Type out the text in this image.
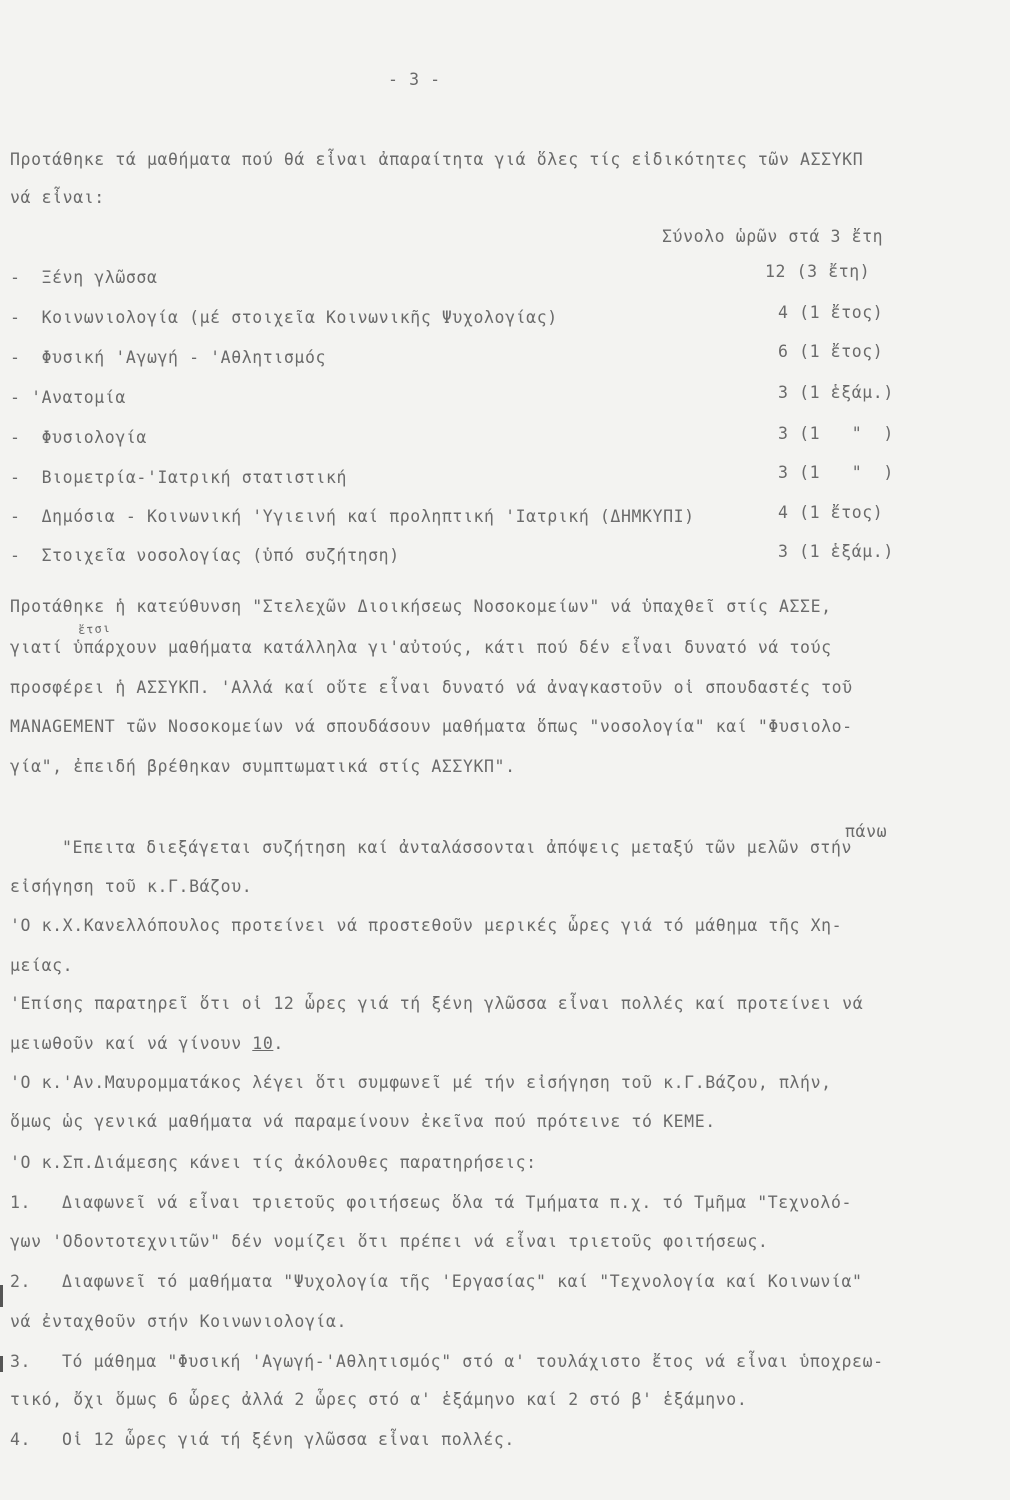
- 3 -
Προτάθηκε τά μαθήματα πού θά εἶναι ἀπαραίτητα γιά ὅλες τίς εἰδικότητες τῶν ΑΣΣΥΚΠ
νά εἶναι:
Σύνολο ὡρῶν στά 3 ἔτη
-  Ξένη γλῶσσα	12 (3 ἔτη)
-  Κοινωνιολογία (μέ στοιχεῖα Κοινωνικῆς Ψυχολογίας)	4 (1 ἔτος)
-  Φυσική 'Αγωγή - 'Αθλητισμός	6 (1 ἔτος)
- 'Ανατομία	3 (1 ἑξάμ.)
-  Φυσιολογία	3 (1   "  )
-  Βιομετρία-'Ιατρική στατιστική	3 (1   "  )
-  Δημόσια - Κοινωνική 'Υγιεινή καί προληπτική 'Ιατρική (ΔΗΜΚΥΠΙ)	4 (1 ἔτος)
-  Στοιχεῖα νοσολογίας (ὑπό συζήτηση)	3 (1 ἑξάμ.)
Προτάθηκε ἡ κατεύθυνση "Στελεχῶν Διοικήσεως Νοσοκομείων" νά ὑπαχθεῖ στίς ΑΣΣΕ,
ἔτσι
γιατί ὑπάρχουν μαθήματα κατάλληλα γι'αὐτούς, κάτι πού δέν εἶναι δυνατό νά τούς
προσφέρει ἡ ΑΣΣΥΚΠ. 'Αλλά καί οὔτε εἶναι δυνατό νά ἀναγκαστοῦν οἱ σπουδαστές τοῦ
MANAGEMENT τῶν Νοσοκομείων νά σπουδάσουν μαθήματα ὅπως "νοσολογία" καί "Φυσιολο-
γία", ἐπειδή βρέθηκαν συμπτωματικά στίς ΑΣΣΥΚΠ".
πάνω
"Επειτα διεξάγεται συζήτηση καί ἀνταλάσσονται ἀπόψεις μεταξύ τῶν μελῶν στήν
εἰσήγηση τοῦ κ.Γ.Βάζου.
'Ο κ.Χ.Κανελλόπουλος προτείνει νά προστεθοῦν μερικές ὧρες γιά τό μάθημα τῆς Χη-
μείας.
'Επίσης παρατηρεῖ ὅτι οἱ 12 ὧρες γιά τή ξένη γλῶσσα εἶναι πολλές καί προτείνει νά
μειωθοῦν καί νά γίνουν 10.
'Ο κ.'Αν.Μαυρομματάκος λέγει ὅτι συμφωνεῖ μέ τήν εἰσήγηση τοῦ κ.Γ.Βάζου, πλήν,
ὅμως ὡς γενικά μαθήματα νά παραμείνουν ἐκεῖνα πού πρότεινε τό ΚΕΜΕ.
'Ο κ.Σπ.Διάμεσης κάνει τίς ἀκόλουθες παρατηρήσεις:
1. Διαφωνεῖ νά εἶναι τριετοῦς φοιτήσεως ὅλα τά Τμήματα π.χ. τό Τμῆμα "Τεχνολό-
γων 'Οδοντοτεχνιτῶν" δέν νομίζει ὅτι πρέπει νά εἶναι τριετοῦς φοιτήσεως.
2. Διαφωνεῖ τό μαθήματα "Ψυχολογία τῆς 'Εργασίας" καί "Τεχνολογία καί Κοινωνία"
νά ἐνταχθοῦν στήν Κοινωνιολογία.
3. Τό μάθημα "Φυσική 'Αγωγή-'Αθλητισμός" στό α' τουλάχιστο ἔτος νά εἶναι ὑποχρεω-
τικό, ὄχι ὅμως 6 ὧρες ἀλλά 2 ὧρες στό α' ἑξάμηνο καί 2 στό β' ἑξάμηνο.
4. Οἱ 12 ὧρες γιά τή ξένη γλῶσσα εἶναι πολλές.
